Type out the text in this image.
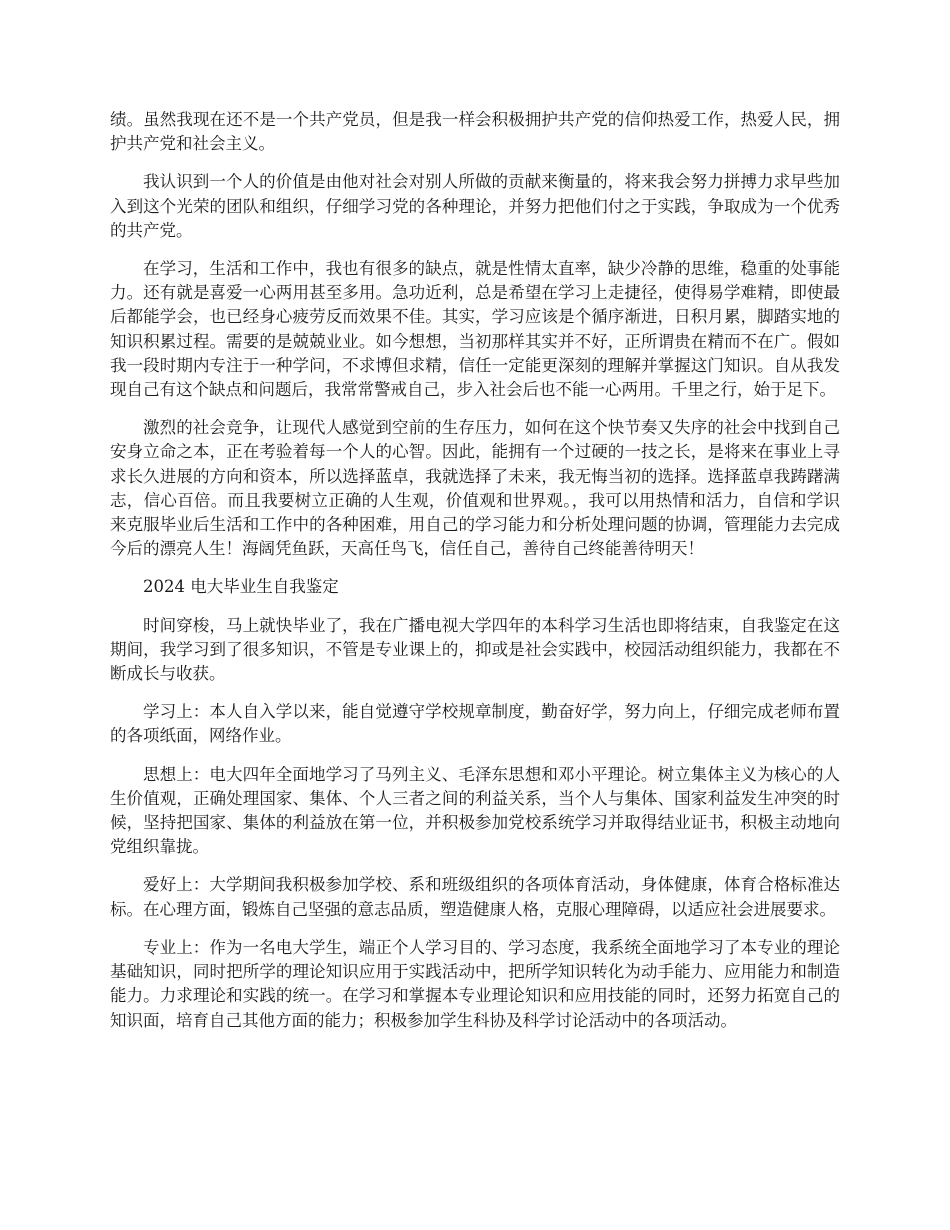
绩。虽然我现在还不是一个共产党员，但是我一样会积极拥护共产党的信仰热爱工作，热爱人民，拥护共产党和社会主义。

我认识到一个人的价值是由他对社会对别人所做的贡献来衡量的，将来我会努力拼搏力求早些加入到这个光荣的团队和组织，仔细学习党的各种理论，并努力把他们付之于实践，争取成为一个优秀的共产党。

在学习，生活和工作中，我也有很多的缺点，就是性情太直率，缺少冷静的思维，稳重的处事能力。还有就是喜爱一心两用甚至多用。急功近利，总是希望在学习上走捷径，使得易学难精，即使最后都能学会，也已经身心疲劳反而效果不佳。其实，学习应该是个循序渐进，日积月累，脚踏实地的知识积累过程。需要的是兢兢业业。如今想想，当初那样其实并不好，正所谓贵在精而不在广。假如我一段时期内专注于一种学问，不求博但求精，信任一定能更深刻的理解并掌握这门知识。自从我发现自己有这个缺点和问题后，我常常警戒自己，步入社会后也不能一心两用。千里之行，始于足下。

激烈的社会竞争，让现代人感觉到空前的生存压力，如何在这个快节奏又失序的社会中找到自己安身立命之本，正在考验着每一个人的心智。因此，能拥有一个过硬的一技之长，是将来在事业上寻求长久进展的方向和资本，所以选择蓝卓，我就选择了未来，我无悔当初的选择。选择蓝卓我踌躇满志，信心百倍。而且我要树立正确的人生观，价值观和世界观。，我可以用热情和活力，自信和学识来克服毕业后生活和工作中的各种困难，用自己的学习能力和分析处理问题的协调，管理能力去完成今后的漂亮人生！海阔凭鱼跃，天高任鸟飞，信任自己，善待自己终能善待明天！

2024 电大毕业生自我鉴定

时间穿梭，马上就快毕业了，我在广播电视大学四年的本科学习生活也即将结束，自我鉴定在这期间，我学习到了很多知识，不管是专业课上的，抑或是社会实践中，校园活动组织能力，我都在不断成长与收获。

学习上：本人自入学以来，能自觉遵守学校规章制度，勤奋好学，努力向上，仔细完成老师布置的各项纸面，网络作业。

思想上：电大四年全面地学习了马列主义、毛泽东思想和邓小平理论。树立集体主义为核心的人生价值观，正确处理国家、集体、个人三者之间的利益关系，当个人与集体、国家利益发生冲突的时候，坚持把国家、集体的利益放在第一位，并积极参加党校系统学习并取得结业证书，积极主动地向党组织靠拢。

爱好上：大学期间我积极参加学校、系和班级组织的各项体育活动，身体健康，体育合格标准达标。在心理方面，锻炼自己坚强的意志品质，塑造健康人格，克服心理障碍，以适应社会进展要求。

专业上：作为一名电大学生，端正个人学习目的、学习态度，我系统全面地学习了本专业的理论基础知识，同时把所学的理论知识应用于实践活动中，把所学知识转化为动手能力、应用能力和制造能力。力求理论和实践的统一。在学习和掌握本专业理论知识和应用技能的同时，还努力拓宽自己的知识面，培育自己其他方面的能力；积极参加学生科协及科学讨论活动中的各项活动。
